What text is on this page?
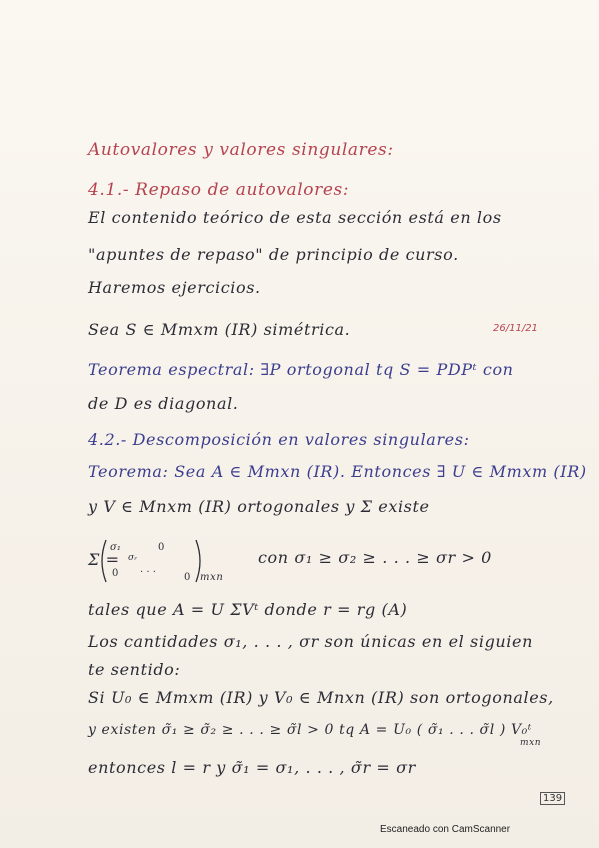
Autovalores y valores singulares:
4.1.- Repaso de autovalores:
El contenido teórico de esta sección está en los
"apuntes de repaso" de principio de curso.
Haremos ejercicios.
Sea S ∈ Mmxm (IR) simétrica.	26/11/21
Teorema espectral: ∃P ortogonal tq S = PDPᵗ con
de D es diagonal.
4.2.- Descomposición en valores singulares:
Teorema: Sea A ∈ Mmxn (IR). Entonces ∃ U ∈ Mmxm (IR)
y V ∈ Mnxm (IR) ortogonales y Σ existe
σ₁
σᵣ
0
0 . . .
0
Σ =
mxn
con σ₁ ≥ σ₂ ≥ . . . ≥ σr > 0
tales que A = U ΣVᵗ donde r = rg (A)
Los cantidades σ₁, . . . , σr son únicas en el siguien
te sentido:
Si U₀ ∈ Mmxm (IR) y V₀ ∈ Mnxn (IR) son ortogonales,
y existen σ̃₁ ≥ σ̃₂ ≥ . . . ≥ σ̃l > 0 tq A = U₀ ( σ̃₁ . . . σ̃l ) V₀ᵗ
mxn
entonces l = r y σ̃₁ = σ₁, . . . , σ̃r = σr
139
Escaneado con CamScanner
